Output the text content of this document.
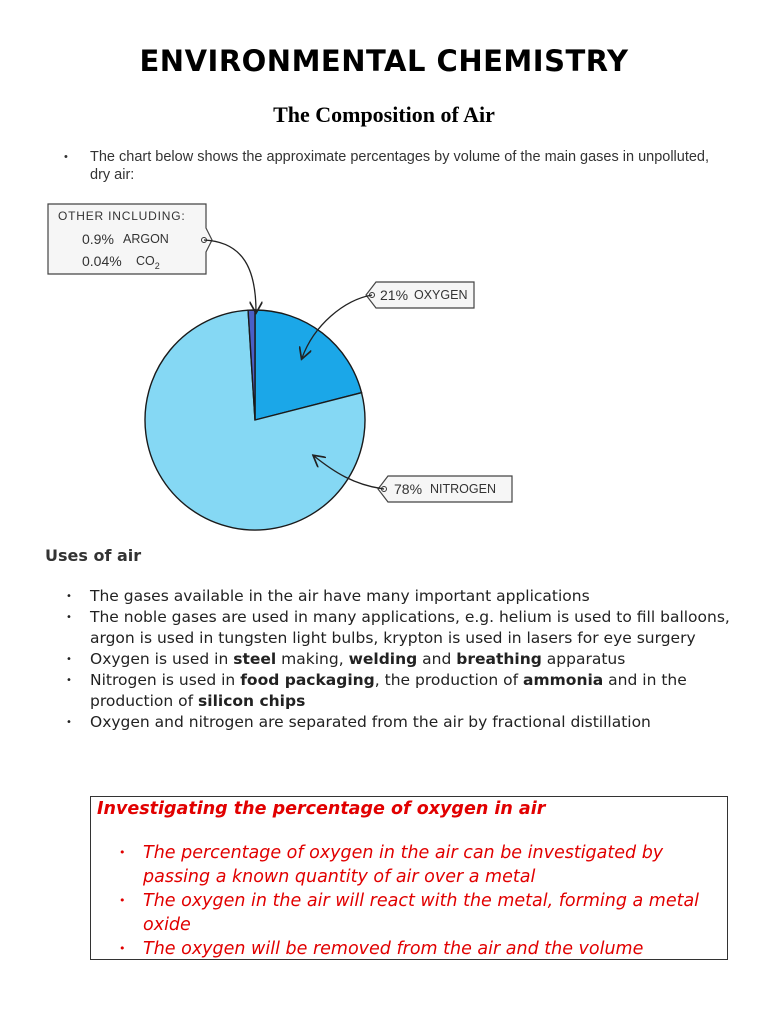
ENVIRONMENTAL CHEMISTRY
The Composition of Air
• The chart below shows the approximate percentages by volume of the main gases in unpolluted, dry air:
OTHER INCLUDING:
0.9% ARGON
0.04% $CO_2$
21% OXYGEN
78% NITROGEN
Uses of air
• The gases available in the air have many important applications
• The noble gases are used in many applications, e.g. helium is used to fill balloons, argon is used in tungsten light bulbs, krypton is used in lasers for eye surgery
• Oxygen is used in steel making, welding and breathing apparatus
• Nitrogen is used in food packaging, the production of ammonia and in the production of silicon chips
• Oxygen and nitrogen are separated from the air by fractional distillation
Investigating the percentage of oxygen in air
• The percentage of oxygen in the air can be investigated by passing a known quantity of air over a metal
• The oxygen in the air will react with the metal, forming a metal oxide
• The oxygen will be removed from the air and the volume
